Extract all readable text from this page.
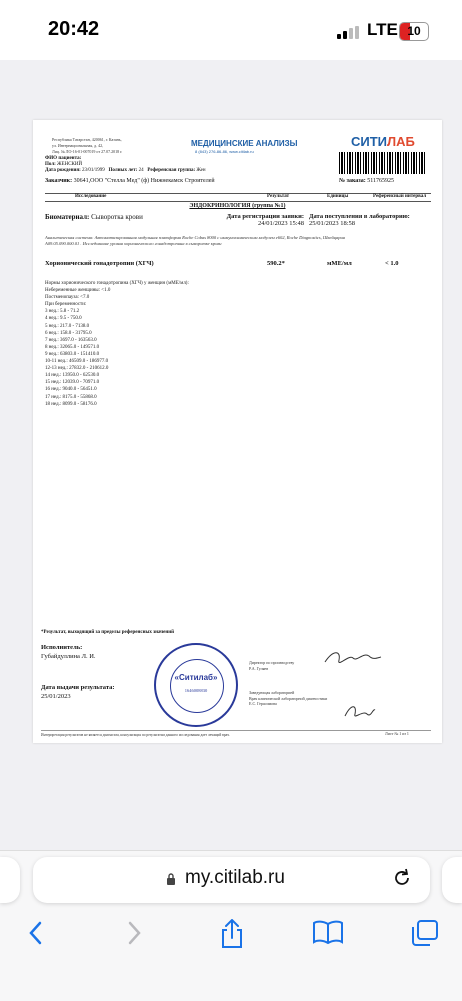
20:42	LTE 10
Республика Татарстан, 420061, г. Казань,
ул. Интернациональная, д. 42,
Лиц. № ЛО-16-01-007019 от 27.07.2018 г.
МЕДИЦИНСКИЕ АНАЛИЗЫ
8 (843) 276-86-86, www.citilab.ru
СИТИЛАБ
ФИО пациента:
Пол: ЖЕНСКИЙ
Дата рождения: 23/01/1999 Полных лет: 24 Референсная группа: Жен
Заказчик: 30641,ООО "Стелла Мед" (ф) Нижнекамск Строителей	№ заказа: 511765925
Исследование	Результат	Единицы	Референсный интервал
ЭНДОКРИНОЛОГИЯ (группа №1)
Биоматериал: Сыворотка крови	Дата регистрации заявки:
24/01/2023 15:48
Дата поступления в лабораторию:
25/01/2023 18:58
Аналитическая система: Автоматизированная модульная платформа Roche Cobas 8000 с иммунохимическим модулем е602, Roche Diagnostics, Швейцария
А09.05.090.000.01 . Исследование уровня хорионического гонадотропина в сыворотке крови
Хорионический гонадотропин (ХГЧ)	590.2*	мМЕ/мл	< 1.0
Нормы хорионического гонадотропина (ХГЧ) у женщин (мМЕ/мл):
Небеременные женщины: <1.0
Постменопауза: <7.0
При беременности:
3 нед.: 5.8 - 71.2
4 нед.: 9.5 - 750.0
5 нед.: 217.0 - 7138.0
6 нед.: 158.0 - 31795.0
7 нед.: 3697.0 - 163563.0
8 нед.: 32065.0 - 149571.0
9 нед.: 63803.0 - 151410.0
10-11 нед.: 46509.0 - 186977.0
12-13 нед.: 27832.0 - 210612.0
14 нед.: 13950.0 - 62530.0
15 нед.: 12039.0 - 70971.0
16 нед.: 9040.0 - 56451.0
17 нед.: 8175.0 - 55868.0
18 нед.: 8099.0 - 58176.0
*Результат, выходящий за пределы референсных значений
Исполнитель:
Губайдуллина Л. И.
Дата выдачи результата:
25/01/2023
«Ситилаб»
1646008830
Директор по производству
Р.А. Гуляев
Заведующая лабораторией
Врач клинической лабораторной диагностики
Е.С. Герасимова
Интерпретация результатов не является диагнозом, консультация по результатам данного исследования дает лечащий врач.	Лист № 1 из 1
my.citilab.ru
